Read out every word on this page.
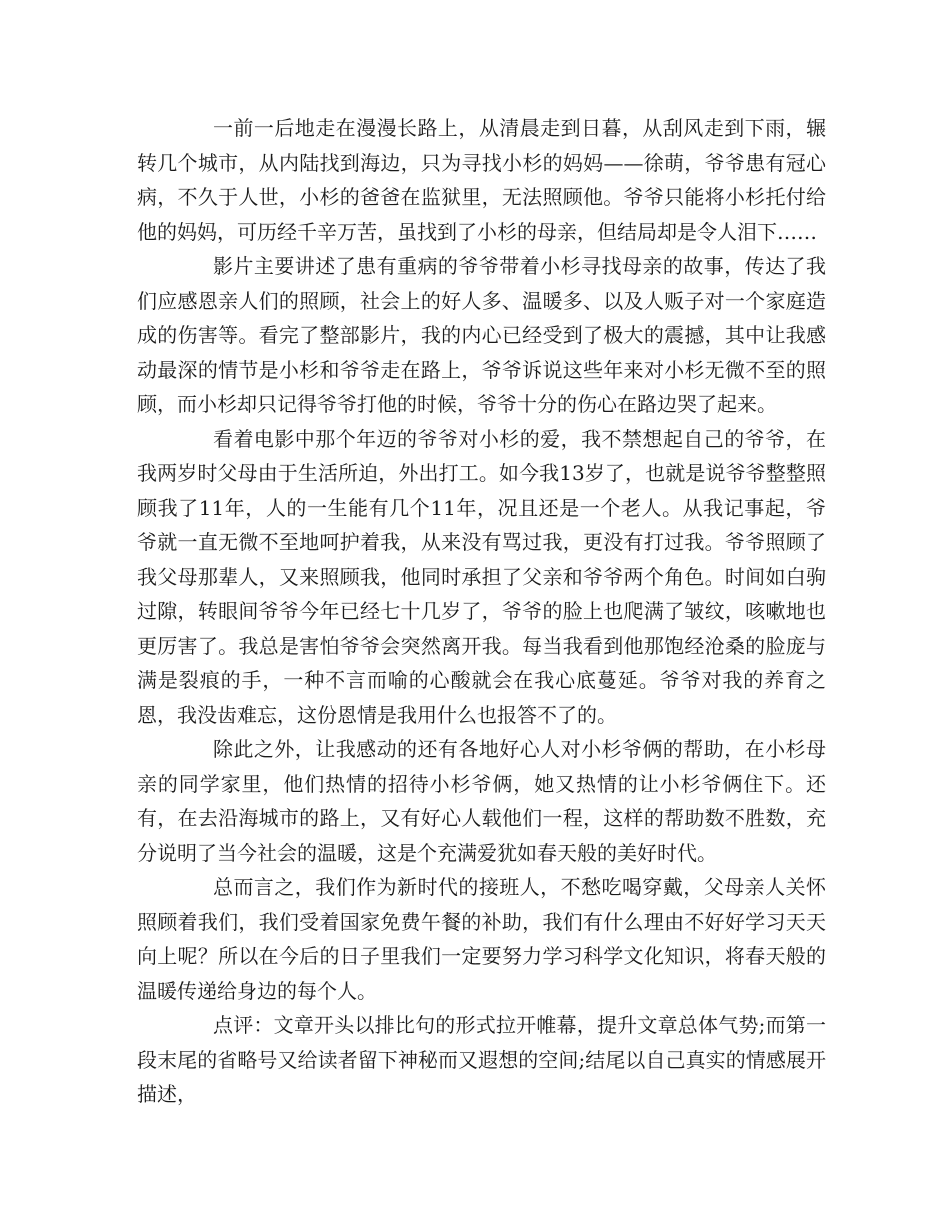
一前一后地走在漫漫长路上，从清晨走到日暮，从刮风走到下雨，辗转几个城市，从内陆找到海边，只为寻找小杉的妈妈——徐萌，爷爷患有冠心病，不久于人世，小杉的爸爸在监狱里，无法照顾他。爷爷只能将小杉托付给他的妈妈，可历经千辛万苦，虽找到了小杉的母亲，但结局却是令人泪下……

影片主要讲述了患有重病的爷爷带着小杉寻找母亲的故事，传达了我们应感恩亲人们的照顾，社会上的好人多、温暖多、以及人贩子对一个家庭造成的伤害等。看完了整部影片，我的内心已经受到了极大的震撼，其中让我感动最深的情节是小杉和爷爷走在路上，爷爷诉说这些年来对小杉无微不至的照顾，而小杉却只记得爷爷打他的时候，爷爷十分的伤心在路边哭了起来。

看着电影中那个年迈的爷爷对小杉的爱，我不禁想起自己的爷爷，在我两岁时父母由于生活所迫，外出打工。如今我13岁了，也就是说爷爷整整照顾我了11年，人的一生能有几个11年，况且还是一个老人。从我记事起，爷爷就一直无微不至地呵护着我，从来没有骂过我，更没有打过我。爷爷照顾了我父母那辈人，又来照顾我，他同时承担了父亲和爷爷两个角色。时间如白驹过隙，转眼间爷爷今年已经七十几岁了，爷爷的脸上也爬满了皱纹，咳嗽地也更厉害了。我总是害怕爷爷会突然离开我。每当我看到他那饱经沧桑的脸庞与满是裂痕的手，一种不言而喻的心酸就会在我心底蔓延。爷爷对我的养育之恩，我没齿难忘，这份恩情是我用什么也报答不了的。

除此之外，让我感动的还有各地好心人对小杉爷俩的帮助，在小杉母亲的同学家里，他们热情的招待小杉爷俩，她又热情的让小杉爷俩住下。还有，在去沿海城市的路上，又有好心人载他们一程，这样的帮助数不胜数，充分说明了当今社会的温暖，这是个充满爱犹如春天般的美好时代。

总而言之，我们作为新时代的接班人，不愁吃喝穿戴，父母亲人关怀照顾着我们，我们受着国家免费午餐的补助，我们有什么理由不好好学习天天向上呢？所以在今后的日子里我们一定要努力学习科学文化知识，将春天般的温暖传递给身边的每个人。

点评：文章开头以排比句的形式拉开帷幕，提升文章总体气势;而第一段末尾的省略号又给读者留下神秘而又遐想的空间;结尾以自己真实的情感展开描述，
